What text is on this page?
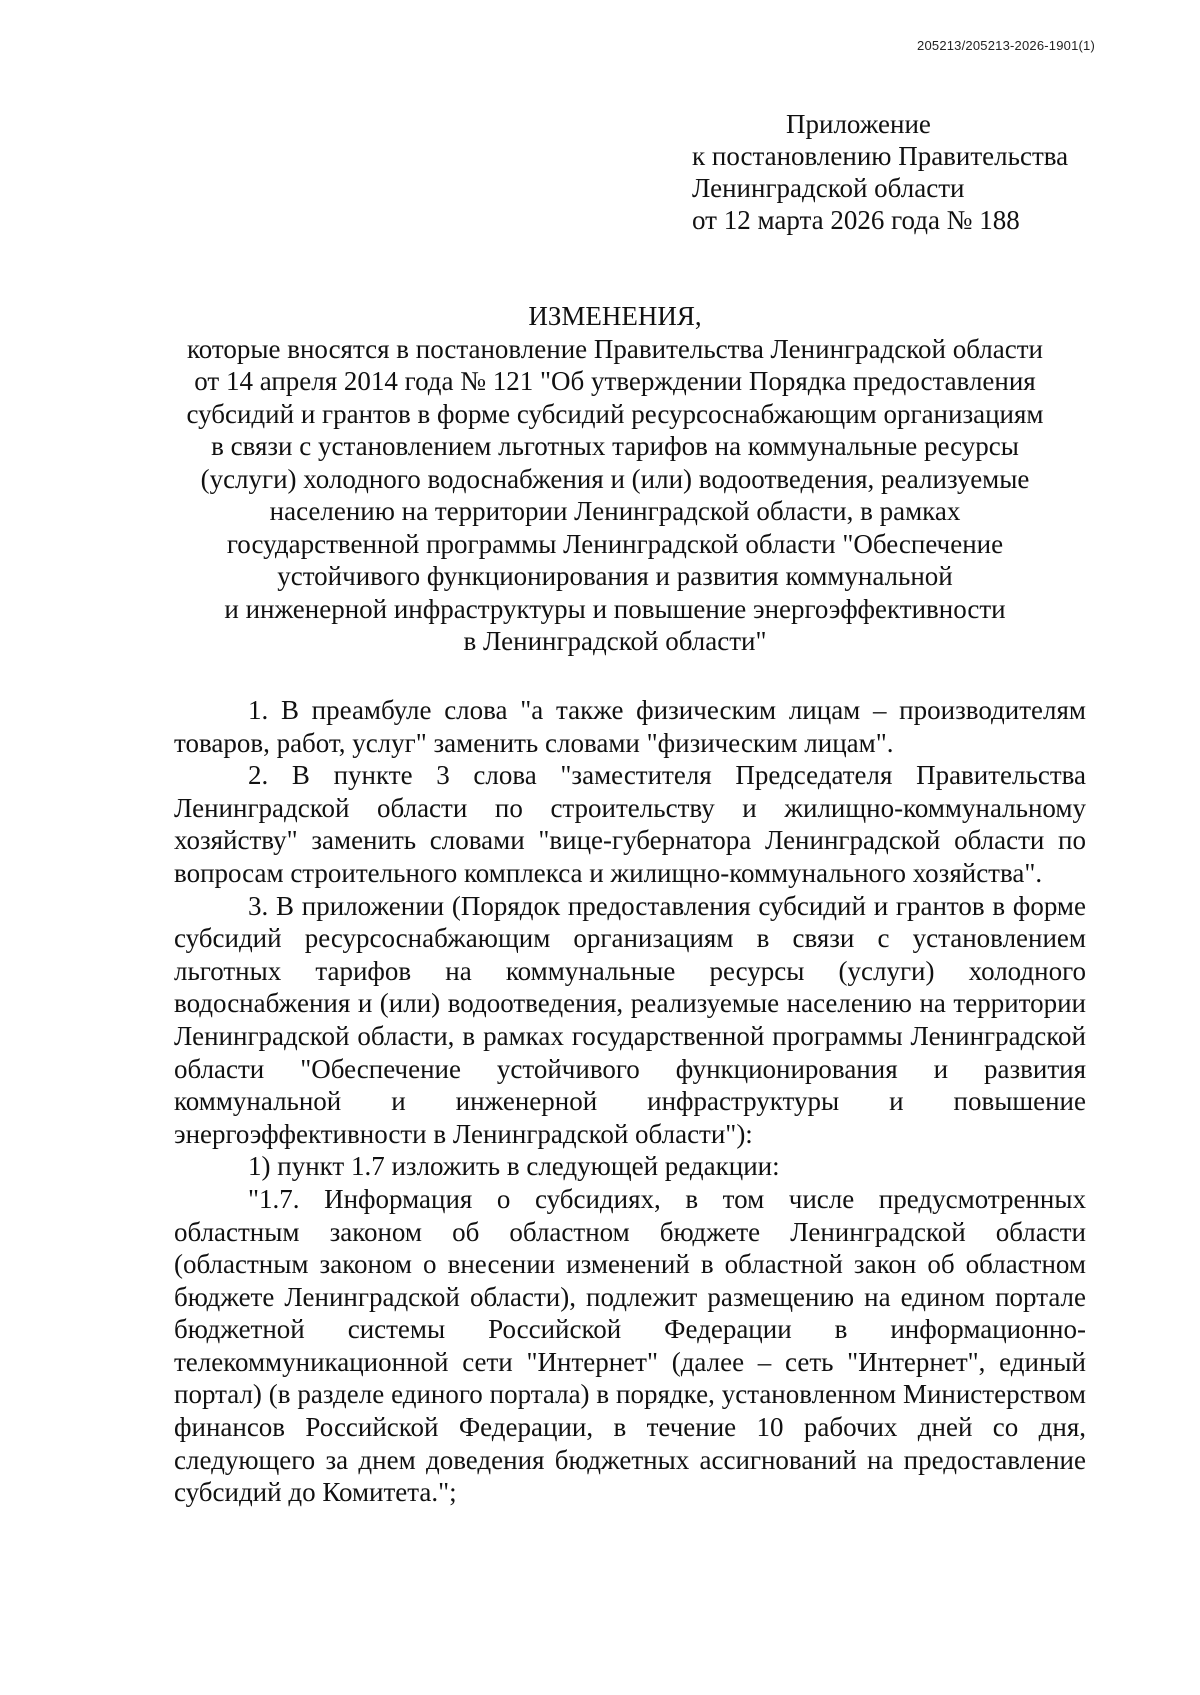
205213/205213-2026-1901(1)
Приложение
к постановлению Правительства
Ленинградской области
от 12 марта 2026 года № 188
ИЗМЕНЕНИЯ,
которые вносятся в постановление Правительства Ленинградской области
от 14 апреля 2014 года № 121 "Об утверждении Порядка предоставления
субсидий и грантов в форме субсидий ресурсоснабжающим организациям
в связи с установлением льготных тарифов на коммунальные ресурсы
(услуги) холодного водоснабжения и (или) водоотведения, реализуемые
населению на территории Ленинградской области, в рамках
государственной программы Ленинградской области "Обеспечение
устойчивого функционирования и развития коммунальной
и инженерной инфраструктуры и повышение энергоэффективности
в Ленинградской области"

1. В преамбуле слова "а также физическим лицам – производителям товаров, работ, услуг" заменить словами "физическим лицам".

2. В пункте 3 слова "заместителя Председателя Правительства Ленинградской области по строительству и жилищно-коммунальному хозяйству" заменить словами "вице-губернатора Ленинградской области по вопросам строительного комплекса и жилищно-коммунального хозяйства".

3. В приложении (Порядок предоставления субсидий и грантов в форме субсидий ресурсоснабжающим организациям в связи с установлением льготных тарифов на коммунальные ресурсы (услуги) холодного водоснабжения и (или) водоотведения, реализуемые населению на территории Ленинградской области, в рамках государственной программы Ленинградской области "Обеспечение устойчивого функционирования и развития коммунальной и инженерной инфраструктуры и повышение энергоэффективности в Ленинградской области"):

1) пункт 1.7 изложить в следующей редакции:

"1.7. Информация о субсидиях, в том числе предусмотренных областным законом об областном бюджете Ленинградской области (областным законом о внесении изменений в областной закон об областном бюджете Ленинградской области), подлежит размещению на едином портале бюджетной системы Российской Федерации в информационно-телекоммуникационной сети "Интернет" (далее – сеть "Интернет", единый портал) (в разделе единого портала) в порядке, установленном Министерством финансов Российской Федерации, в течение 10 рабочих дней со дня, следующего за днем доведения бюджетных ассигнований на предоставление субсидий до Комитета.";
